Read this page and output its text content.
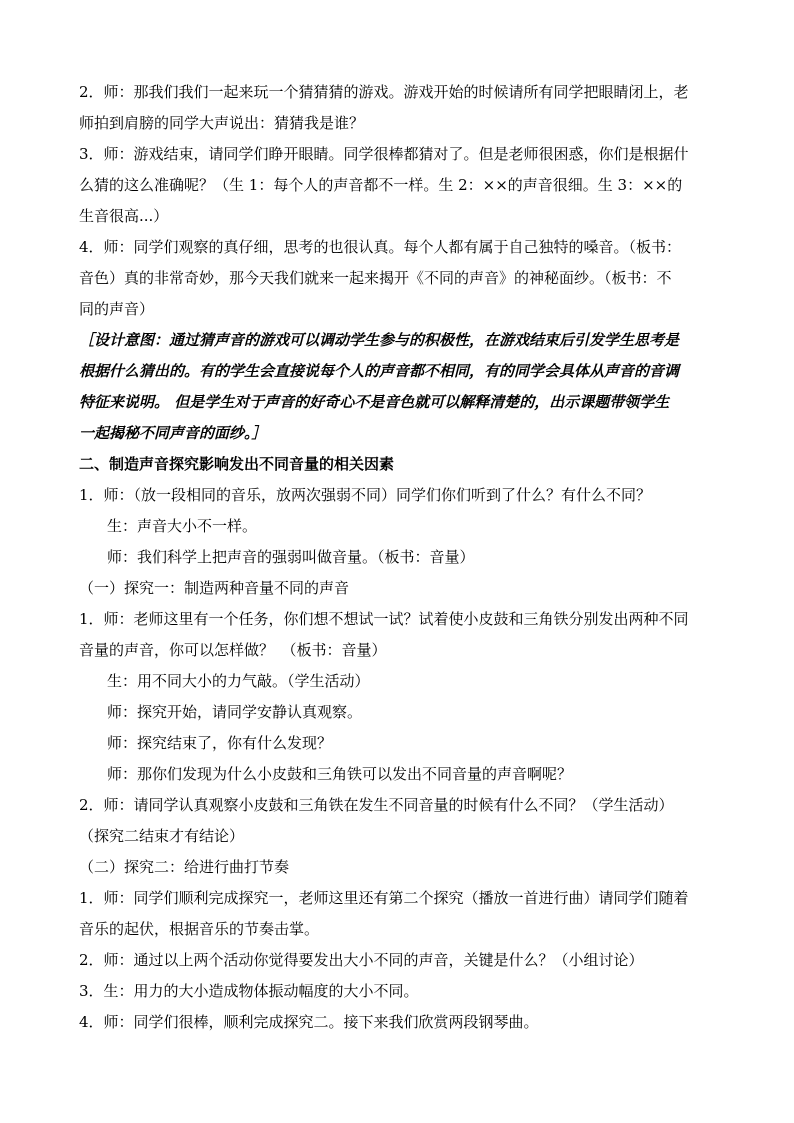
2．师：那我们我们一起来玩一个猜猜猜的游戏。游戏开始的时候请所有同学把眼睛闭上，老
师拍到肩膀的同学大声说出：猜猜我是谁？
3．师：游戏结束，请同学们睁开眼睛。同学很棒都猜对了。但是老师很困惑，你们是根据什
么猜的这么准确呢？（生 1：每个人的声音都不一样。生 2：××的声音很细。生 3：××的
生音很高...）
4．师：同学们观察的真仔细，思考的也很认真。每个人都有属于自己独特的嗓音。（板书：
音色）真的非常奇妙，那今天我们就来一起来揭开《不同的声音》的神秘面纱。（板书：不
同的声音）
［设计意图：通过猜声音的游戏可以调动学生参与的积极性，在游戏结束后引发学生思考是
根据什么猜出的。有的学生会直接说每个人的声音都不相同，有的同学会具体从声音的音调
特征来说明。 但是学生对于声音的好奇心不是音色就可以解释清楚的，出示课题带领学生
一起揭秘不同声音的面纱。］
二、制造声音探究影响发出不同音量的相关因素
1．师：（放一段相同的音乐，放两次强弱不同）同学们你们听到了什么？有什么不同？
生：声音大小不一样。
师：我们科学上把声音的强弱叫做音量。（板书：音量）
（一）探究一：制造两种音量不同的声音
1．师：老师这里有一个任务，你们想不想试一试？试着使小皮鼓和三角铁分别发出两种不同
音量的声音，你可以怎样做？　（板书：音量）
生：用不同大小的力气敲。（学生活动）
师：探究开始，请同学安静认真观察。
师：探究结束了，你有什么发现？
师：那你们发现为什么小皮鼓和三角铁可以发出不同音量的声音啊呢？
2．师：请同学认真观察小皮鼓和三角铁在发生不同音量的时候有什么不同？（学生活动）
（探究二结束才有结论）
（二）探究二：给进行曲打节奏
1．师：同学们顺利完成探究一，老师这里还有第二个探究（播放一首进行曲）请同学们随着
音乐的起伏，根据音乐的节奏击掌。
2．师：通过以上两个活动你觉得要发出大小不同的声音，关键是什么？（小组讨论）
3．生：用力的大小造成物体振动幅度的大小不同。
4．师：同学们很棒，顺利完成探究二。接下来我们欣赏两段钢琴曲。
